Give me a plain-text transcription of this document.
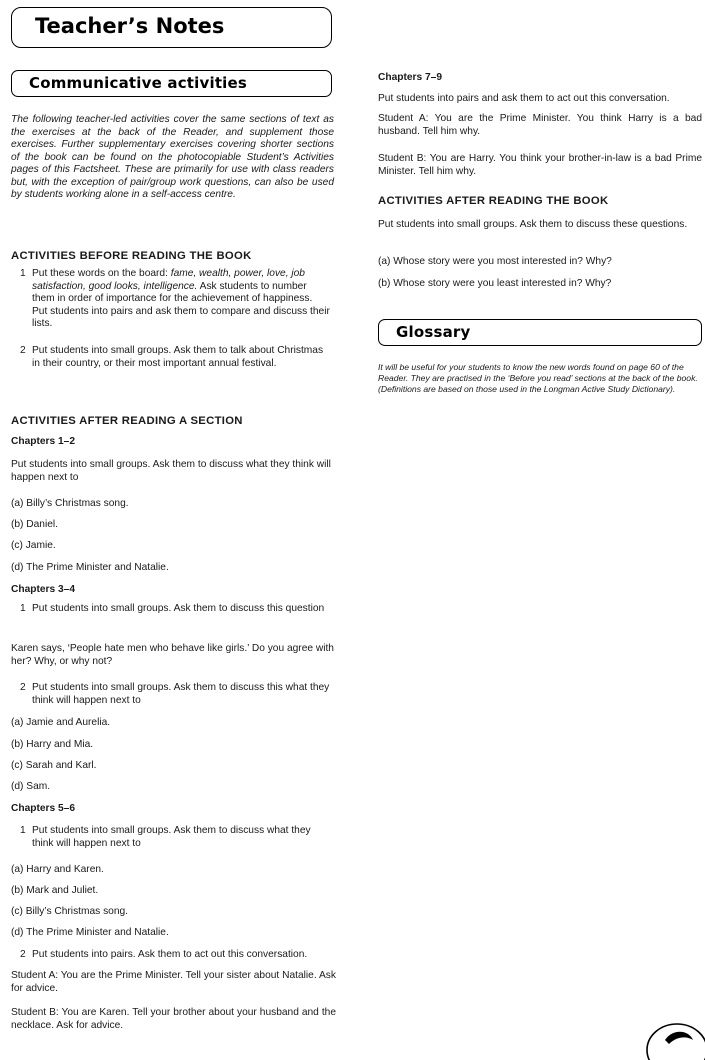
Teacher’s Notes
Communicative activities

The following teacher-led activities cover the same sections of text as the exercises at the back of the Reader, and supplement those exercises. Further supplementary exercises covering shorter sections of the book can be found on the photocopiable Student’s Activities pages of this Factsheet. These are primarily for use with class readers but, with the exception of pair/group work questions, can also be used by students working alone in a self-access centre.

ACTIVITIES BEFORE READING THE BOOK

1 Put these words on the board: fame, wealth, power, love, job satisfaction, good looks, intelligence. Ask students to number them in order of importance for the achievement of happiness. Put students into pairs and ask them to compare and discuss their lists.

2 Put students into small groups. Ask them to talk about Christmas in their country, or their most important annual festival.

ACTIVITIES AFTER READING A SECTION

Chapters 1–2

Put students into small groups. Ask them to discuss what they think will happen next to

(a) Billy’s Christmas song.

(b) Daniel.

(c) Jamie.

(d) The Prime Minister and Natalie.

Chapters 3–4

1 Put students into small groups. Ask them to discuss this question

Karen says, ‘People hate men who behave like girls.’ Do you agree with her? Why, or why not?

2 Put students into small groups. Ask them to discuss this what they think will happen next to

(a) Jamie and Aurelia.

(b) Harry and Mia.

(c) Sarah and Karl.

(d) Sam.

Chapters 5–6

1 Put students into small groups. Ask them to discuss what they think will happen next to

(a) Harry and Karen.

(b) Mark and Juliet.

(c) Billy’s Christmas song.

(d) The Prime Minister and Natalie.

2 Put students into pairs. Ask them to act out this conversation.

Student A: You are the Prime Minister. Tell your sister about Natalie. Ask for advice.

Student B: You are Karen. Tell your brother about your husband and the necklace. Ask for advice.

Chapters 7–9

Put students into pairs and ask them to act out this conversation.

Student A: You are the Prime Minister. You think Harry is a bad husband. Tell him why.

Student B: You are Harry. You think your brother-in-law is a bad Prime Minister. Tell him why.

ACTIVITIES AFTER READING THE BOOK

Put students into small groups. Ask them to discuss these questions.

(a) Whose story were you most interested in? Why?

(b) Whose story were you least interested in? Why?

Glossary

It will be useful for your students to know the new words found on page 60 of the Reader. They are practised in the ‘Before you read’ sections at the back of the book. (Definitions are based on those used in the Longman Active Study Dictionary).
